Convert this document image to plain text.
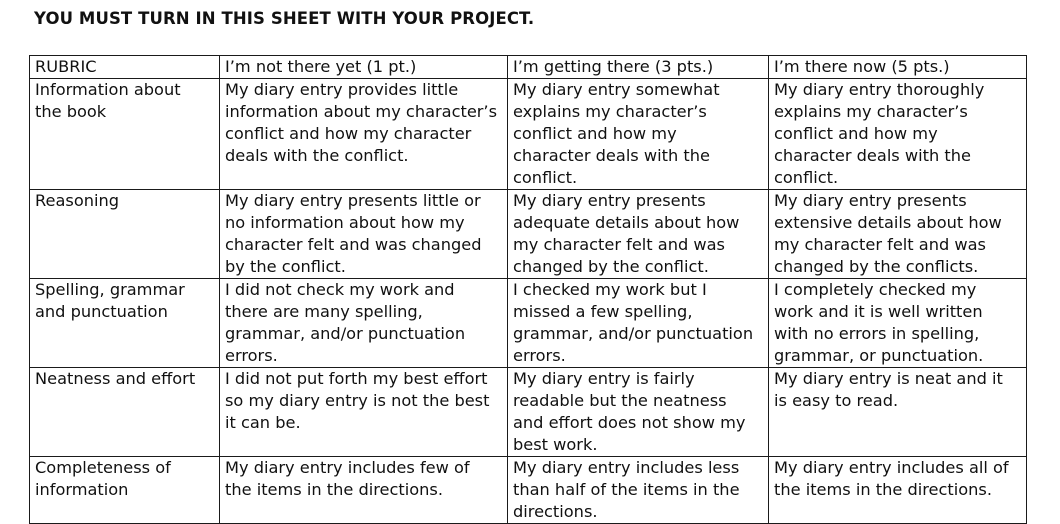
YOU MUST TURN IN THIS SHEET WITH YOUR PROJECT.
RUBRIC	I’m not there yet (1 pt.)	I’m getting there (3 pts.)	I’m there now (5 pts.)

Information about
the book	My diary entry provides little
information about my character’s
conflict and how my character
deals with the conflict.	My diary entry somewhat
explains my character’s
conflict and how my
character deals with the
conflict.	My diary entry thoroughly
explains my character’s
conflict and how my
character deals with the
conflict.

Reasoning	My diary entry presents little or
no information about how my
character felt and was changed
by the conflict.	My diary entry presents
adequate details about how
my character felt and was
changed by the conflict.	My diary entry presents
extensive details about how
my character felt and was
changed by the conflicts.

Spelling, grammar
and punctuation	I did not check my work and
there are many spelling,
grammar, and/or punctuation
errors.	I checked my work but I
missed a few spelling,
grammar, and/or punctuation
errors.	I completely checked my
work and it is well written
with no errors in spelling,
grammar, or punctuation.

Neatness and effort	I did not put forth my best effort
so my diary entry is not the best
it can be.	My diary entry is fairly
readable but the neatness
and effort does not show my
best work.	My diary entry is neat and it
is easy to read.

Completeness of
information	My diary entry includes few of
the items in the directions.	My diary entry includes less
than half of the items in the
directions.	My diary entry includes all of
the items in the directions.
